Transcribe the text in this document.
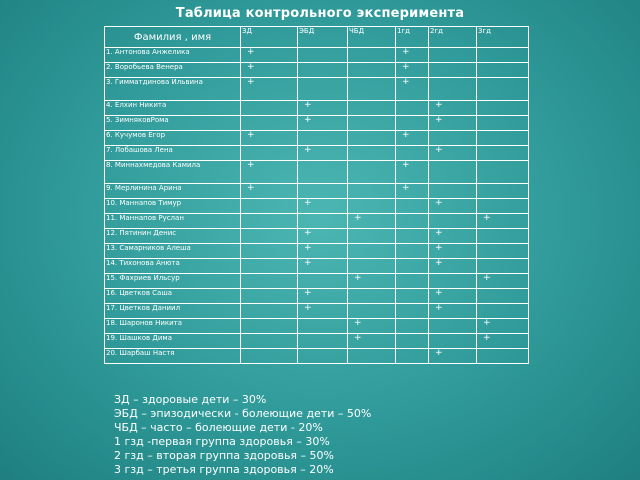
Таблица контрольного эксперимента
Фамилия , имя	ЗД	ЭБД	ЧБД	1гд	2гд	3гд
1. Антонова Анжелика	+			+		
2. Воробьева Венера	+			+		
3. Гимматдинова Ильвина	+			+		
4. Елхин Никита		+			+	
5. ЗимняковРома		+			+	
6. Кучумов Егор	+			+		
7. Лобашова Лена		+			+	
8. Миннахмедова Камила	+			+		
9. Мерлинина Арина	+			+		
10. Маннапов Тимур		+			+	
11. Маннапов Руслан			+			+
12. Пятинин Денис		+			+	
13. Самарников Алеша		+			+	
14. Тихонова Анюта		+			+	
15. Фахриев Ильсур			+			+
16. Цветков Саша		+			+	
17. Цветков Даниил		+			+	
18. Шаронов Никита			+			+
19. Шашков Дима			+			+
20. Шарбаш Настя					+	
ЗД – здоровые дети – 30%
ЭБД – эпизодически - болеющие дети – 50%
ЧБД – часто – болеющие дети - 20%
1 гзд -первая группа здоровья – 30%
2 гзд – вторая группа здоровья – 50%
3 гзд – третья группа здоровья – 20%
